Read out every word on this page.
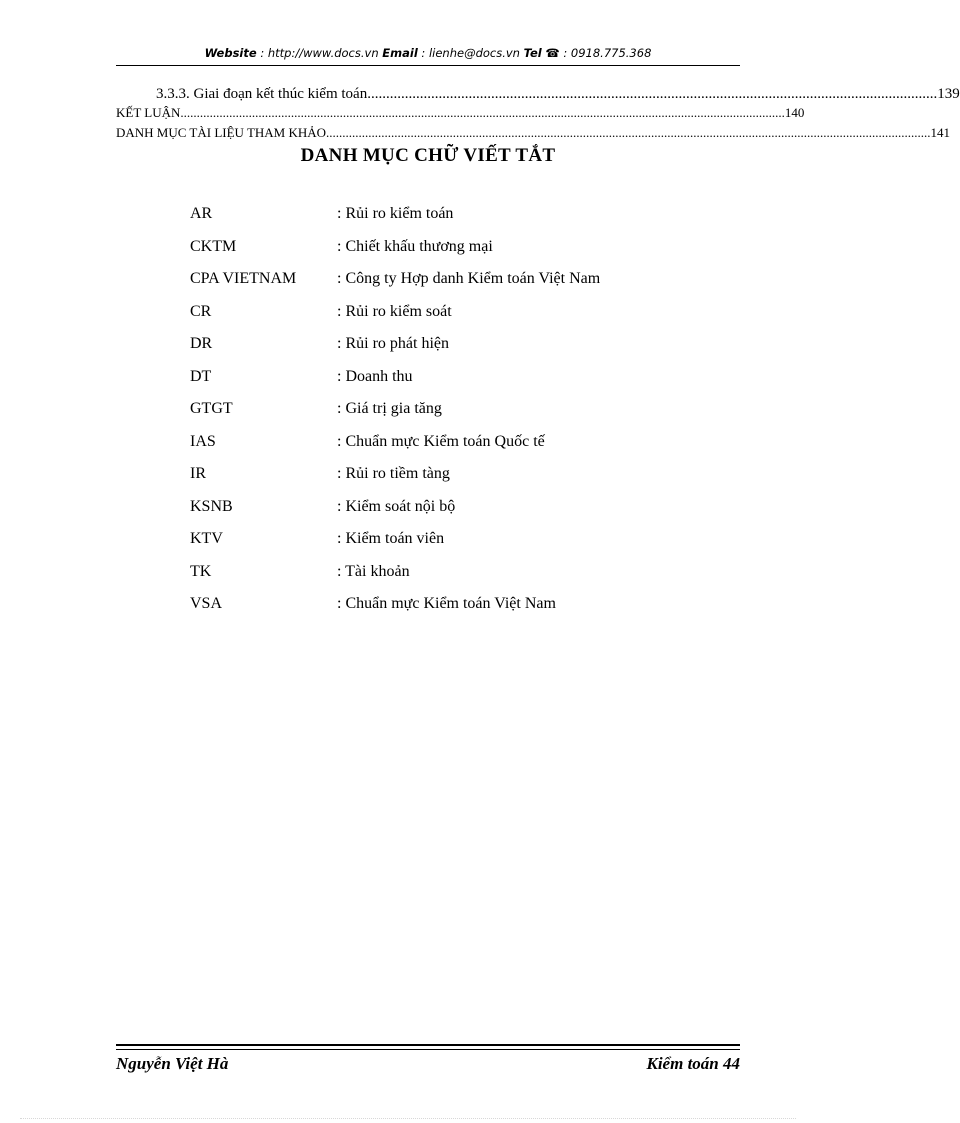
Website : http://www.docs.vn Email : lienhe@docs.vn Tel ☎ : 0918.775.368
3.3.3. Giai đoạn kết thúc kiểm toán ........................................................................................................................................................ 139
KẾT LUẬN .......................................................................................................................................................................................... 140
DANH MỤC TÀI LIỆU THAM KHẢO .......................................................................................................................................................................................... 141
DANH MỤC CHỮ VIẾT TẮT
AR	: Rủi ro kiểm toán
CKTM	: Chiết khấu thương mại
CPA VIETNAM	: Công ty Hợp danh Kiểm toán Việt Nam
CR	: Rủi ro kiểm soát
DR	: Rủi ro phát hiện
DT	: Doanh thu
GTGT	: Giá trị gia tăng
IAS	: Chuẩn mực Kiểm toán Quốc tế
IR	: Rủi ro tiềm tàng
KSNB	: Kiểm soát nội bộ
KTV	: Kiểm toán viên
TK	: Tài khoản
VSA	: Chuẩn mực Kiểm toán Việt Nam
Nguyễn Việt Hà	Kiểm toán 44
